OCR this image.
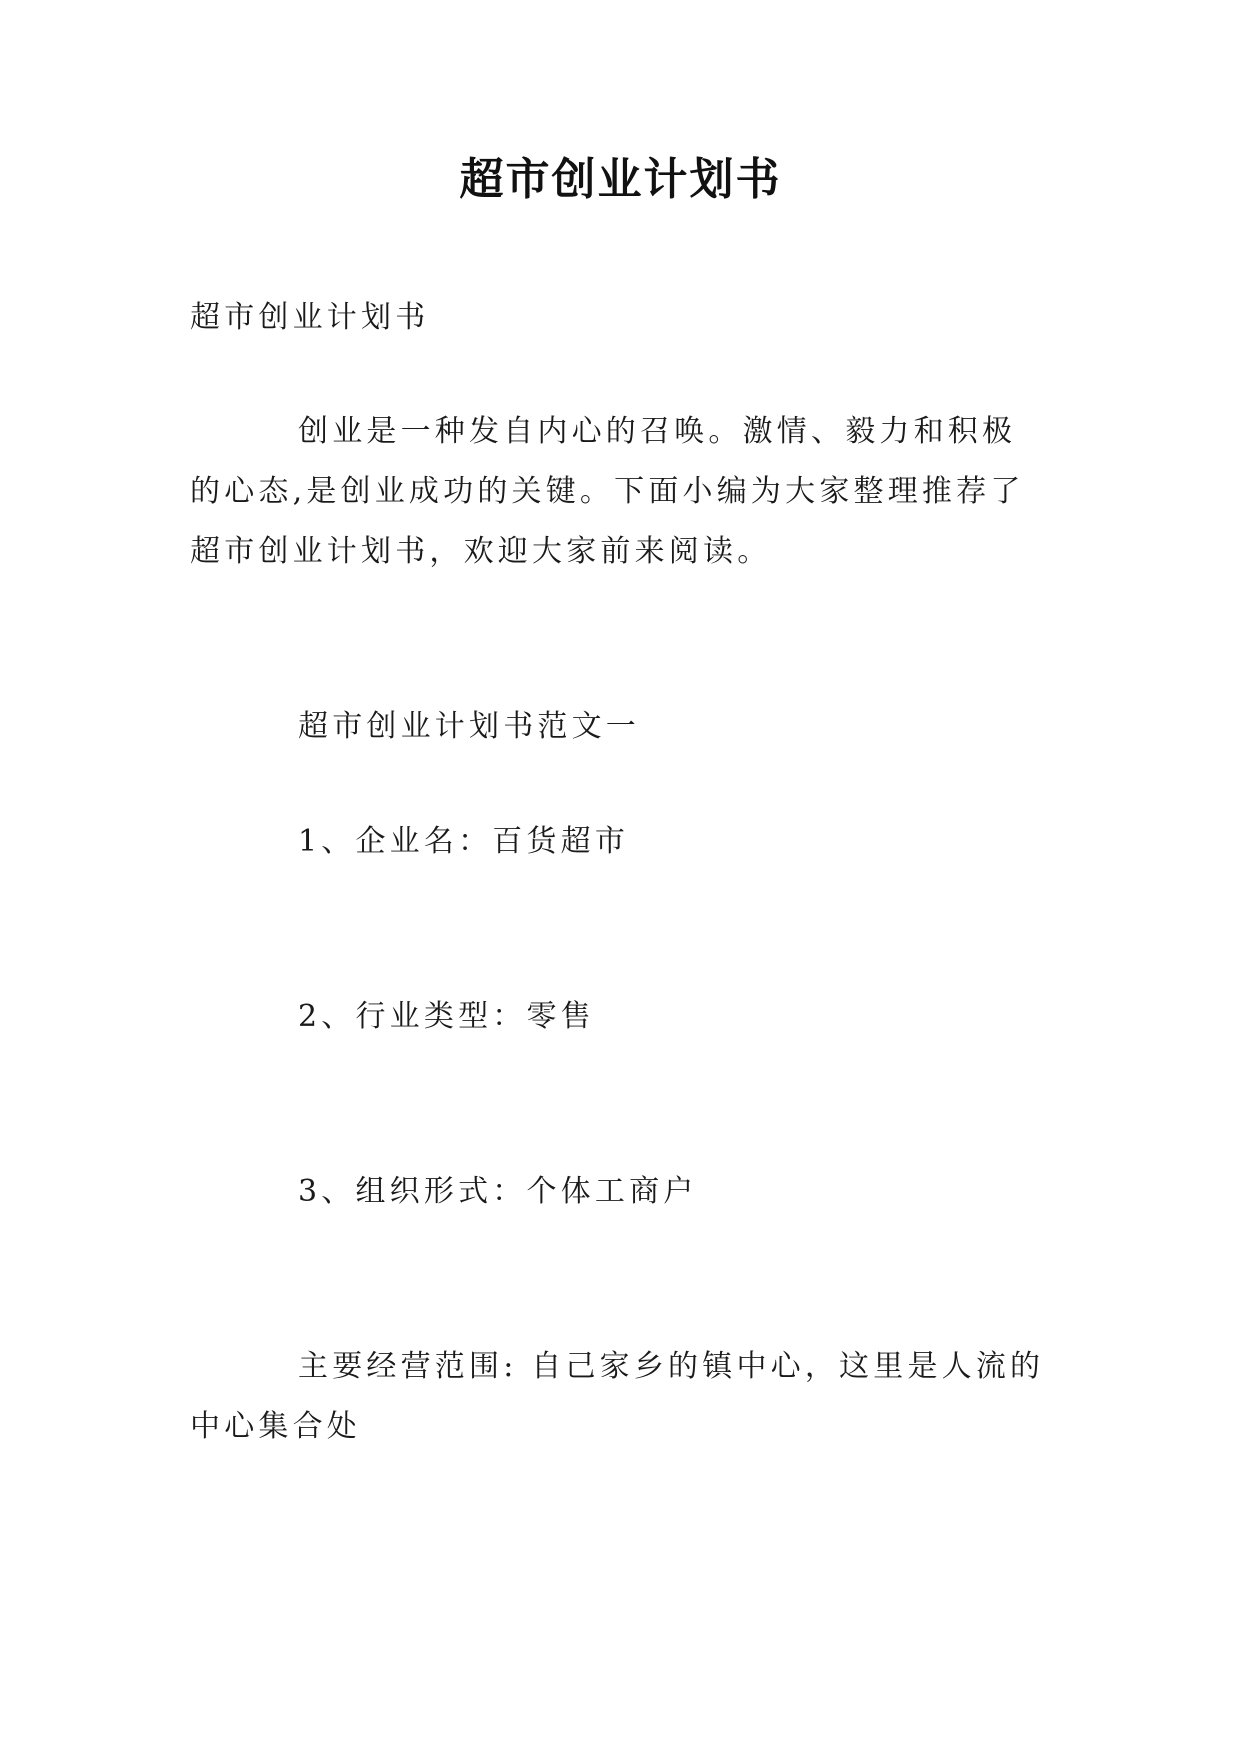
超市创业计划书

超市创业计划书

创业是一种发自内心的召唤。激情、毅力和积极的心态,是创业成功的关键。下面小编为大家整理推荐了超市创业计划书，欢迎大家前来阅读。

超市创业计划书范文一

1、企业名：百货超市

2、行业类型：零售

3、组织形式：个体工商户

主要经营范围: 自己家乡的镇中心，这里是人流的中心集合处
